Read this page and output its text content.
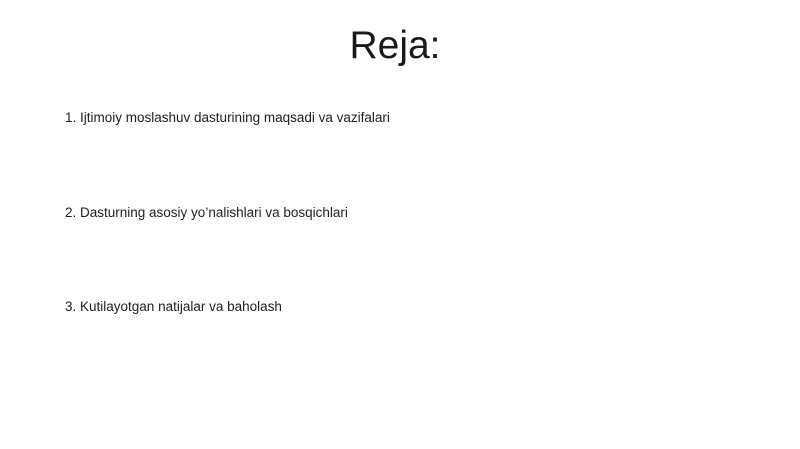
Reja:
1. Ijtimoiy moslashuv dasturining maqsadi va vazifalari
2. Dasturning asosiy yo’nalishlari va bosqichlari
3. Kutilayotgan natijalar va baholash
